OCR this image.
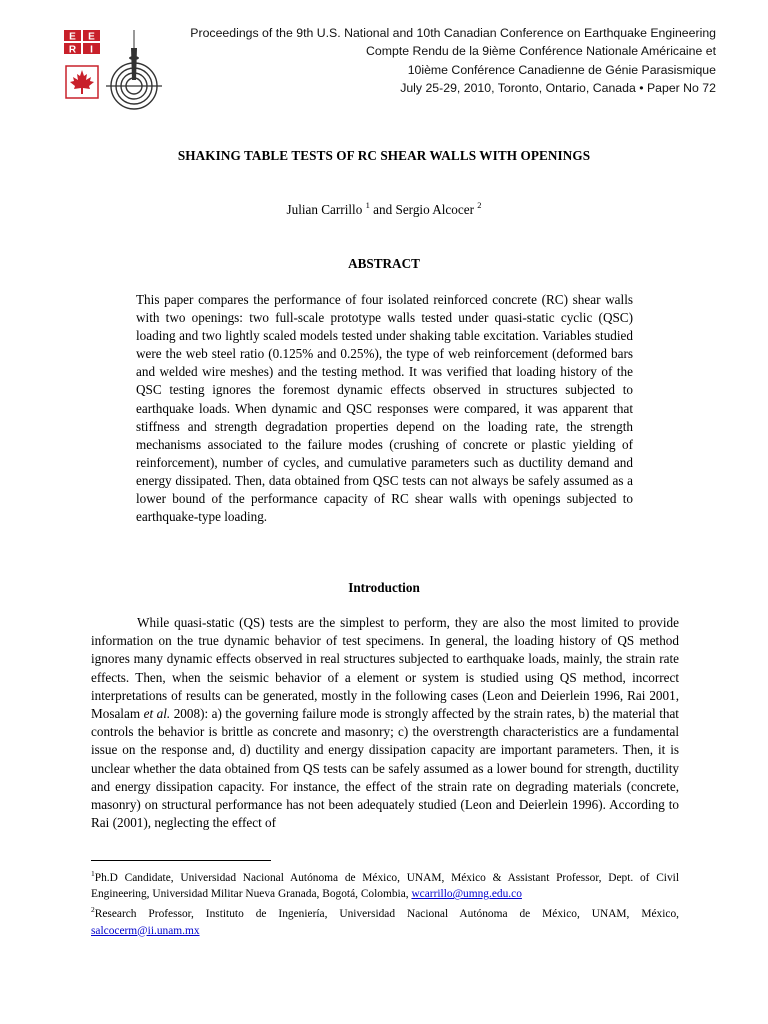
E E
R I
Proceedings of the 9th U.S. National and 10th Canadian Conference on Earthquake Engineering
Compte Rendu de la 9ième Conférence Nationale Américaine et
10ième Conférence Canadienne de Génie Parasismique
July 25-29, 2010, Toronto, Ontario, Canada • Paper No 72
SHAKING TABLE TESTS OF RC SHEAR WALLS WITH OPENINGS
Julian Carrillo $^1$ and Sergio Alcocer $^2$
ABSTRACT
This paper compares the performance of four isolated reinforced concrete (RC) shear walls with two openings: two full-scale prototype walls tested under quasi-static cyclic (QSC) loading and two lightly scaled models tested under shaking table excitation. Variables studied were the web steel ratio (0.125% and 0.25%), the type of web reinforcement (deformed bars and welded wire meshes) and the testing method. It was verified that loading history of the QSC testing ignores the foremost dynamic effects observed in structures subjected to earthquake loads. When dynamic and QSC responses were compared, it was apparent that stiffness and strength degradation properties depend on the loading rate, the strength mechanisms associated to the failure modes (crushing of concrete or plastic yielding of reinforcement), number of cycles, and cumulative parameters such as ductility demand and energy dissipated. Then, data obtained from QSC tests can not always be safely assumed as a lower bound of the performance capacity of RC shear walls with openings subjected to earthquake-type loading.
Introduction
While quasi-static (QS) tests are the simplest to perform, they are also the most limited to provide information on the true dynamic behavior of test specimens. In general, the loading history of QS method ignores many dynamic effects observed in real structures subjected to earthquake loads, mainly, the strain rate effects. Then, when the seismic behavior of a element or system is studied using QS method, incorrect interpretations of results can be generated, mostly in the following cases (Leon and Deierlein 1996, Rai 2001, Mosalam et al. 2008): a) the governing failure mode is strongly affected by the strain rates, b) the material that controls the behavior is brittle as concrete and masonry; c) the overstrength characteristics are a fundamental issue on the response and, d) ductility and energy dissipation capacity are important parameters. Then, it is unclear whether the data obtained from QS tests can be safely assumed as a lower bound for strength, ductility and energy dissipation capacity. For instance, the effect of the strain rate on degrading materials (concrete, masonry) on structural performance has not been adequately studied (Leon and Deierlein 1996). According to Rai (2001), neglecting the effect of
$^1$Ph.D Candidate, Universidad Nacional Autónoma de México, UNAM, México & Assistant Professor, Dept. of Civil Engineering, Universidad Militar Nueva Granada, Bogotá, Colombia, wcarrillo@umng.edu.co
$^2$Research Professor, Instituto de Ingeniería, Universidad Nacional Autónoma de México, UNAM, México, salcocerm@ii.unam.mx
